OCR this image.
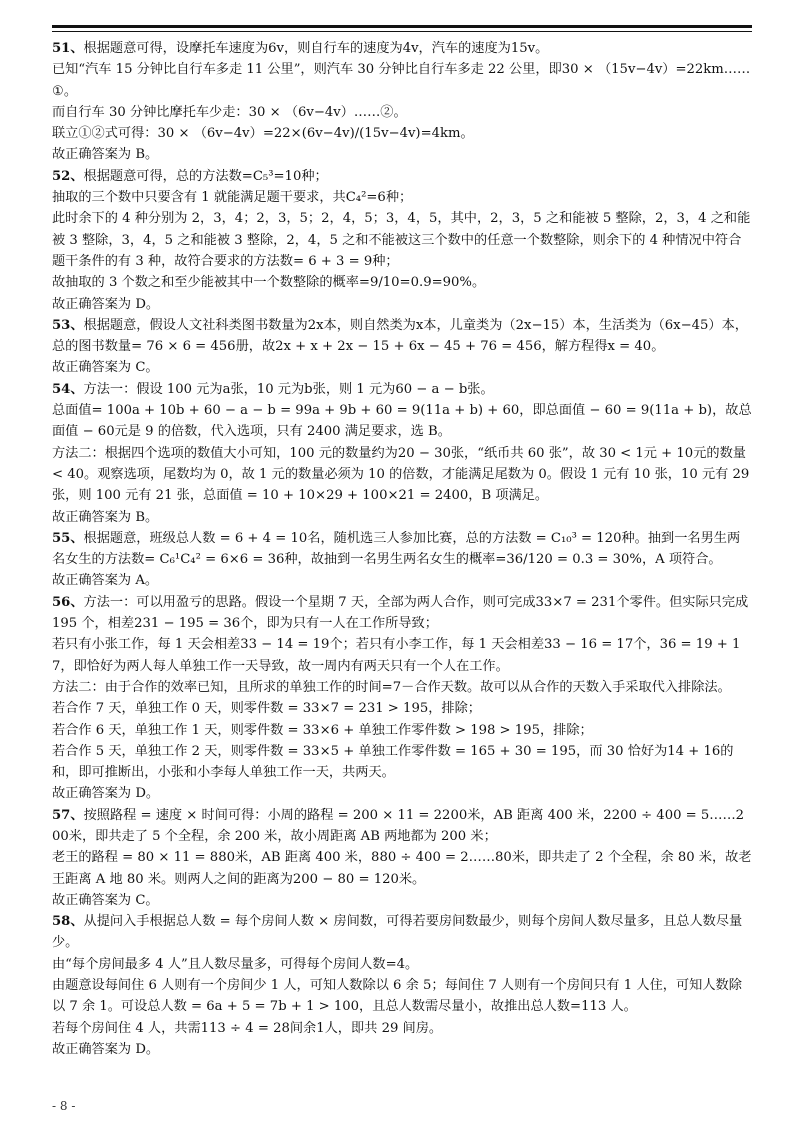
51、根据题意可得，设摩托车速度为6v，则自行车的速度为4v，汽车的速度为15v。

已知“汽车 15 分钟比自行车多走 11 公里”，则汽车 30 分钟比自行车多走 22 公里，即30 × （15v−4v）=22km……①。

而自行车 30 分钟比摩托车少走：30 × （6v−4v）……②。

联立①②式可得：30 × （6v−4v）=22×(6v−4v)/(15v−4v)=4km。

故正确答案为 B。

52、根据题意可得，总的方法数=C₅³=10种；

抽取的三个数中只要含有 1 就能满足题干要求，共C₄²=6种；

此时余下的 4 种分别为 2，3，4；2，3，5；2，4，5；3，4，5，其中，2，3，5 之和能被 5 整除，2，3，4 之和能被 3 整除，3，4，5 之和能被 3 整除，2，4，5 之和不能被这三个数中的任意一个数整除，则余下的 4 种情况中符合题干条件的有 3 种，故符合要求的方法数= 6 + 3 = 9种；

故抽取的 3 个数之和至少能被其中一个数整除的概率=9/10=0.9=90%。

故正确答案为 D。

53、根据题意，假设人文社科类图书数量为2x本，则自然类为x本，儿童类为（2x−15）本，生活类为（6x−45）本，总的图书数量= 76 × 6 = 456册，故2x + x + 2x − 15 + 6x − 45 + 76 = 456，解方程得x = 40。

故正确答案为 C。

54、方法一：假设 100 元为a张，10 元为b张，则 1 元为60 − a − b张。

总面值= 100a + 10b + 60 − a − b = 99a + 9b + 60 = 9(11a + b) + 60，即总面值 − 60 = 9(11a + b)，故总面值 − 60元是 9 的倍数，代入选项，只有 2400 满足要求，选 B。

方法二：根据四个选项的数值大小可知，100 元的数量约为20 − 30张，“纸币共 60 张”，故 30 < 1元 + 10元的数量 < 40。观察选项，尾数均为 0，故 1 元的数量必须为 10 的倍数，才能满足尾数为 0。假设 1 元有 10 张，10 元有 29 张，则 100 元有 21 张，总面值 = 10 + 10×29 + 100×21 = 2400，B 项满足。

故正确答案为 B。

55、根据题意，班级总人数 = 6 + 4 = 10名，随机选三人参加比赛，总的方法数 = C₁₀³ = 120种。抽到一名男生两名女生的方法数= C₆¹C₄² = 6×6 = 36种，故抽到一名男生两名女生的概率=36/120 = 0.3 = 30%，A 项符合。

故正确答案为 A。

56、方法一：可以用盈亏的思路。假设一个星期 7 天，全部为两人合作，则可完成33×7 = 231个零件。但实际只完成 195 个，相差231 − 195 = 36个，即为只有一人在工作所导致；

若只有小张工作，每 1 天会相差33 − 14 = 19个；若只有小李工作，每 1 天会相差33 − 16 = 17个，36 = 19 + 17，即恰好为两人每人单独工作一天导致，故一周内有两天只有一个人在工作。

方法二：由于合作的效率已知，且所求的单独工作的时间=7－合作天数。故可以从合作的天数入手采取代入排除法。

若合作 7 天，单独工作 0 天，则零件数 = 33×7 = 231 > 195，排除；

若合作 6 天，单独工作 1 天，则零件数 = 33×6 + 单独工作零件数 > 198 > 195，排除；

若合作 5 天，单独工作 2 天，则零件数 = 33×5 + 单独工作零件数 = 165 + 30 = 195，而 30 恰好为14 + 16的和，即可推断出，小张和小李每人单独工作一天，共两天。

故正确答案为 D。

57、按照路程 = 速度 × 时间可得：小周的路程 = 200 × 11 = 2200米，AB 距离 400 米，2200 ÷ 400 = 5……200米，即共走了 5 个全程，余 200 米，故小周距离 AB 两地都为 200 米；

老王的路程 = 80 × 11 = 880米，AB 距离 400 米，880 ÷ 400 = 2……80米，即共走了 2 个全程，余 80 米，故老王距离 A 地 80 米。则两人之间的距离为200 − 80 = 120米。

故正确答案为 C。

58、从提问入手根据总人数 = 每个房间人数 × 房间数，可得若要房间数最少，则每个房间人数尽量多，且总人数尽量少。

由“每个房间最多 4 人”且人数尽量多，可得每个房间人数=4。

由题意设每间住 6 人则有一个房间少 1 人，可知人数除以 6 余 5；每间住 7 人则有一个房间只有 1 人住，可知人数除以 7 余 1。可设总人数 = 6a + 5 = 7b + 1 > 100，且总人数需尽量小，故推出总人数=113 人。

若每个房间住 4 人，共需113 ÷ 4 = 28间余1人，即共 29 间房。

故正确答案为 D。

- 8 -
